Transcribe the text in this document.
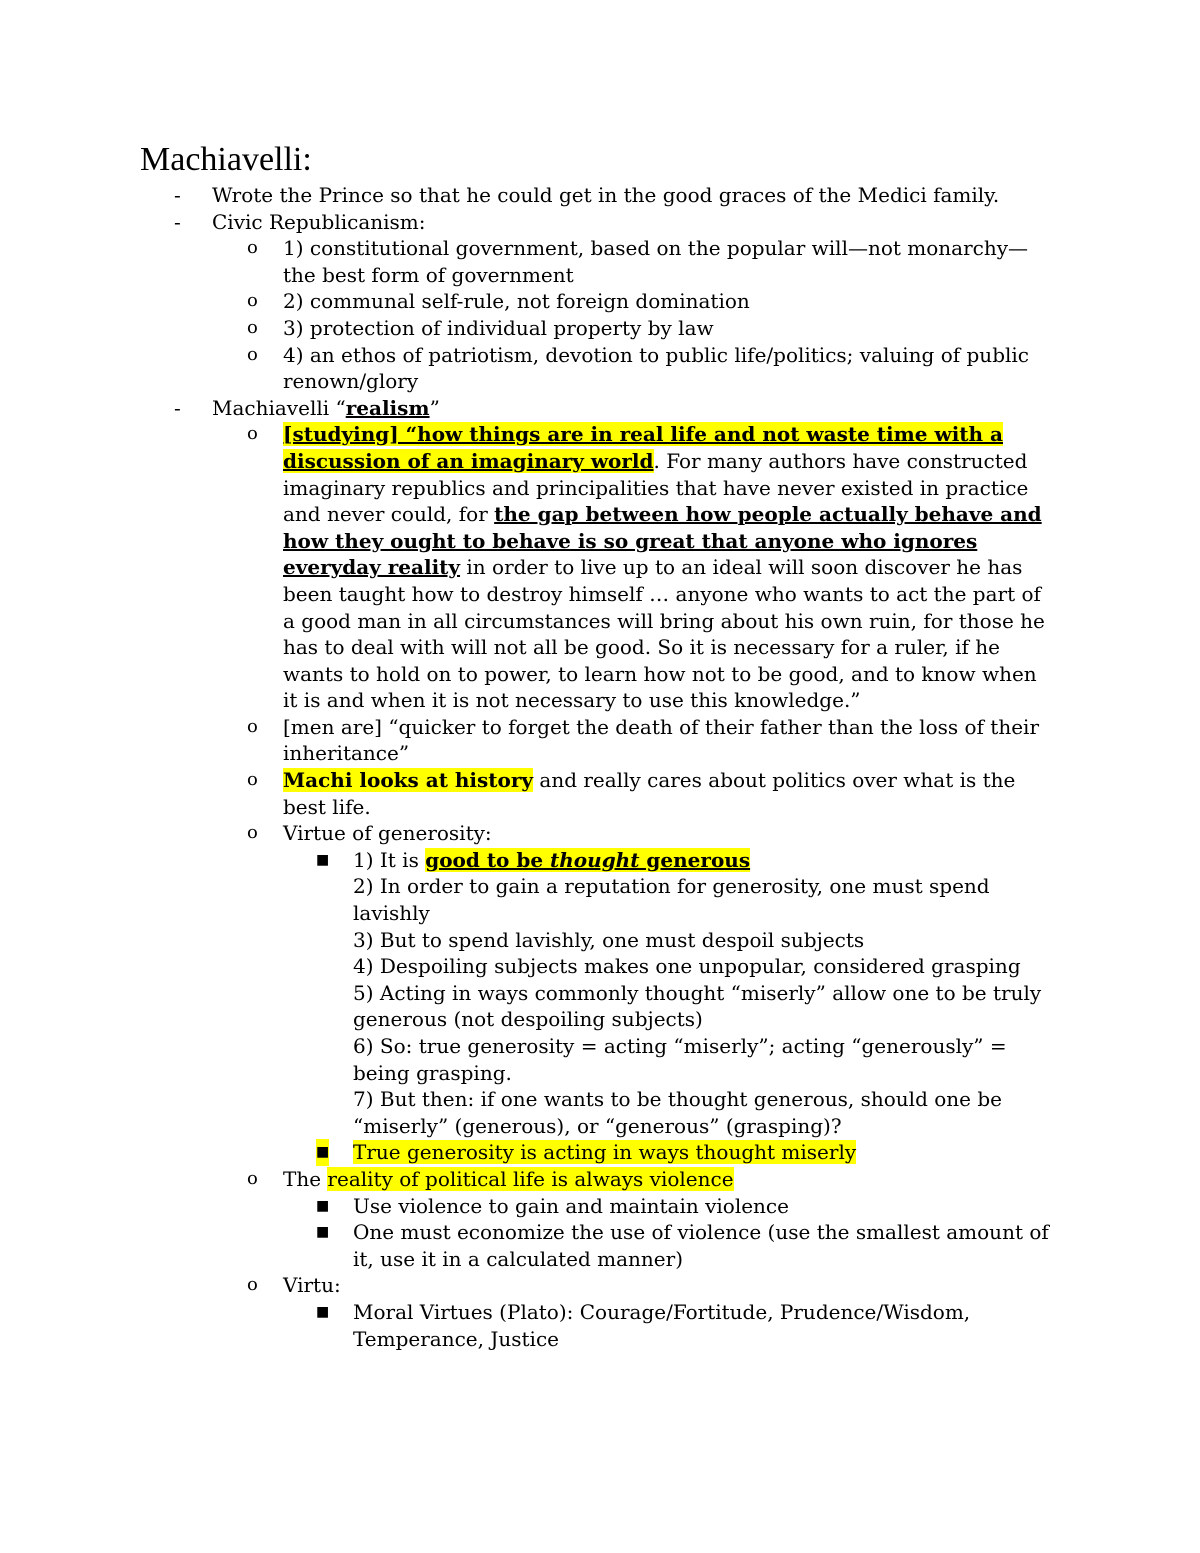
Machiavelli:

- Wrote the Prince so that he could get in the good graces of the Medici family.

- Civic Republicanism:

o 1) constitutional government, based on the popular will—not monarchy—the best form of government

o 2) communal self-rule, not foreign domination

o 3) protection of individual property by law

o 4) an ethos of patriotism, devotion to public life/politics; valuing of public renown/glory

- Machiavelli “realism”

o [studying] “how things are in real life and not waste time with a discussion of an imaginary world. For many authors have constructed imaginary republics and principalities that have never existed in practice and never could, for the gap between how people actually behave and how they ought to behave is so great that anyone who ignores everyday reality in order to live up to an ideal will soon discover he has been taught how to destroy himself … anyone who wants to act the part of a good man in all circumstances will bring about his own ruin, for those he has to deal with will not all be good. So it is necessary for a ruler, if he wants to hold on to power, to learn how not to be good, and to know when it is and when it is not necessary to use this knowledge.”

o [men are] “quicker to forget the death of their father than the loss of their inheritance”

o Machi looks at history and really cares about politics over what is the best life.

o Virtue of generosity:

■ 1) It is good to be thought generous
2) In order to gain a reputation for generosity, one must spend lavishly
3) But to spend lavishly, one must despoil subjects
4) Despoiling subjects makes one unpopular, considered grasping
5) Acting in ways commonly thought “miserly” allow one to be truly generous (not despoiling subjects)
6) So: true generosity = acting “miserly”; acting “generously” = being grasping.
7) But then: if one wants to be thought generous, should one be “miserly” (generous), or “generous” (grasping)?

■ True generosity is acting in ways thought miserly

o The reality of political life is always violence

■ Use violence to gain and maintain violence

■ One must economize the use of violence (use the smallest amount of it, use it in a calculated manner)

o Virtu:

■ Moral Virtues (Plato): Courage/Fortitude, Prudence/Wisdom, Temperance, Justice
